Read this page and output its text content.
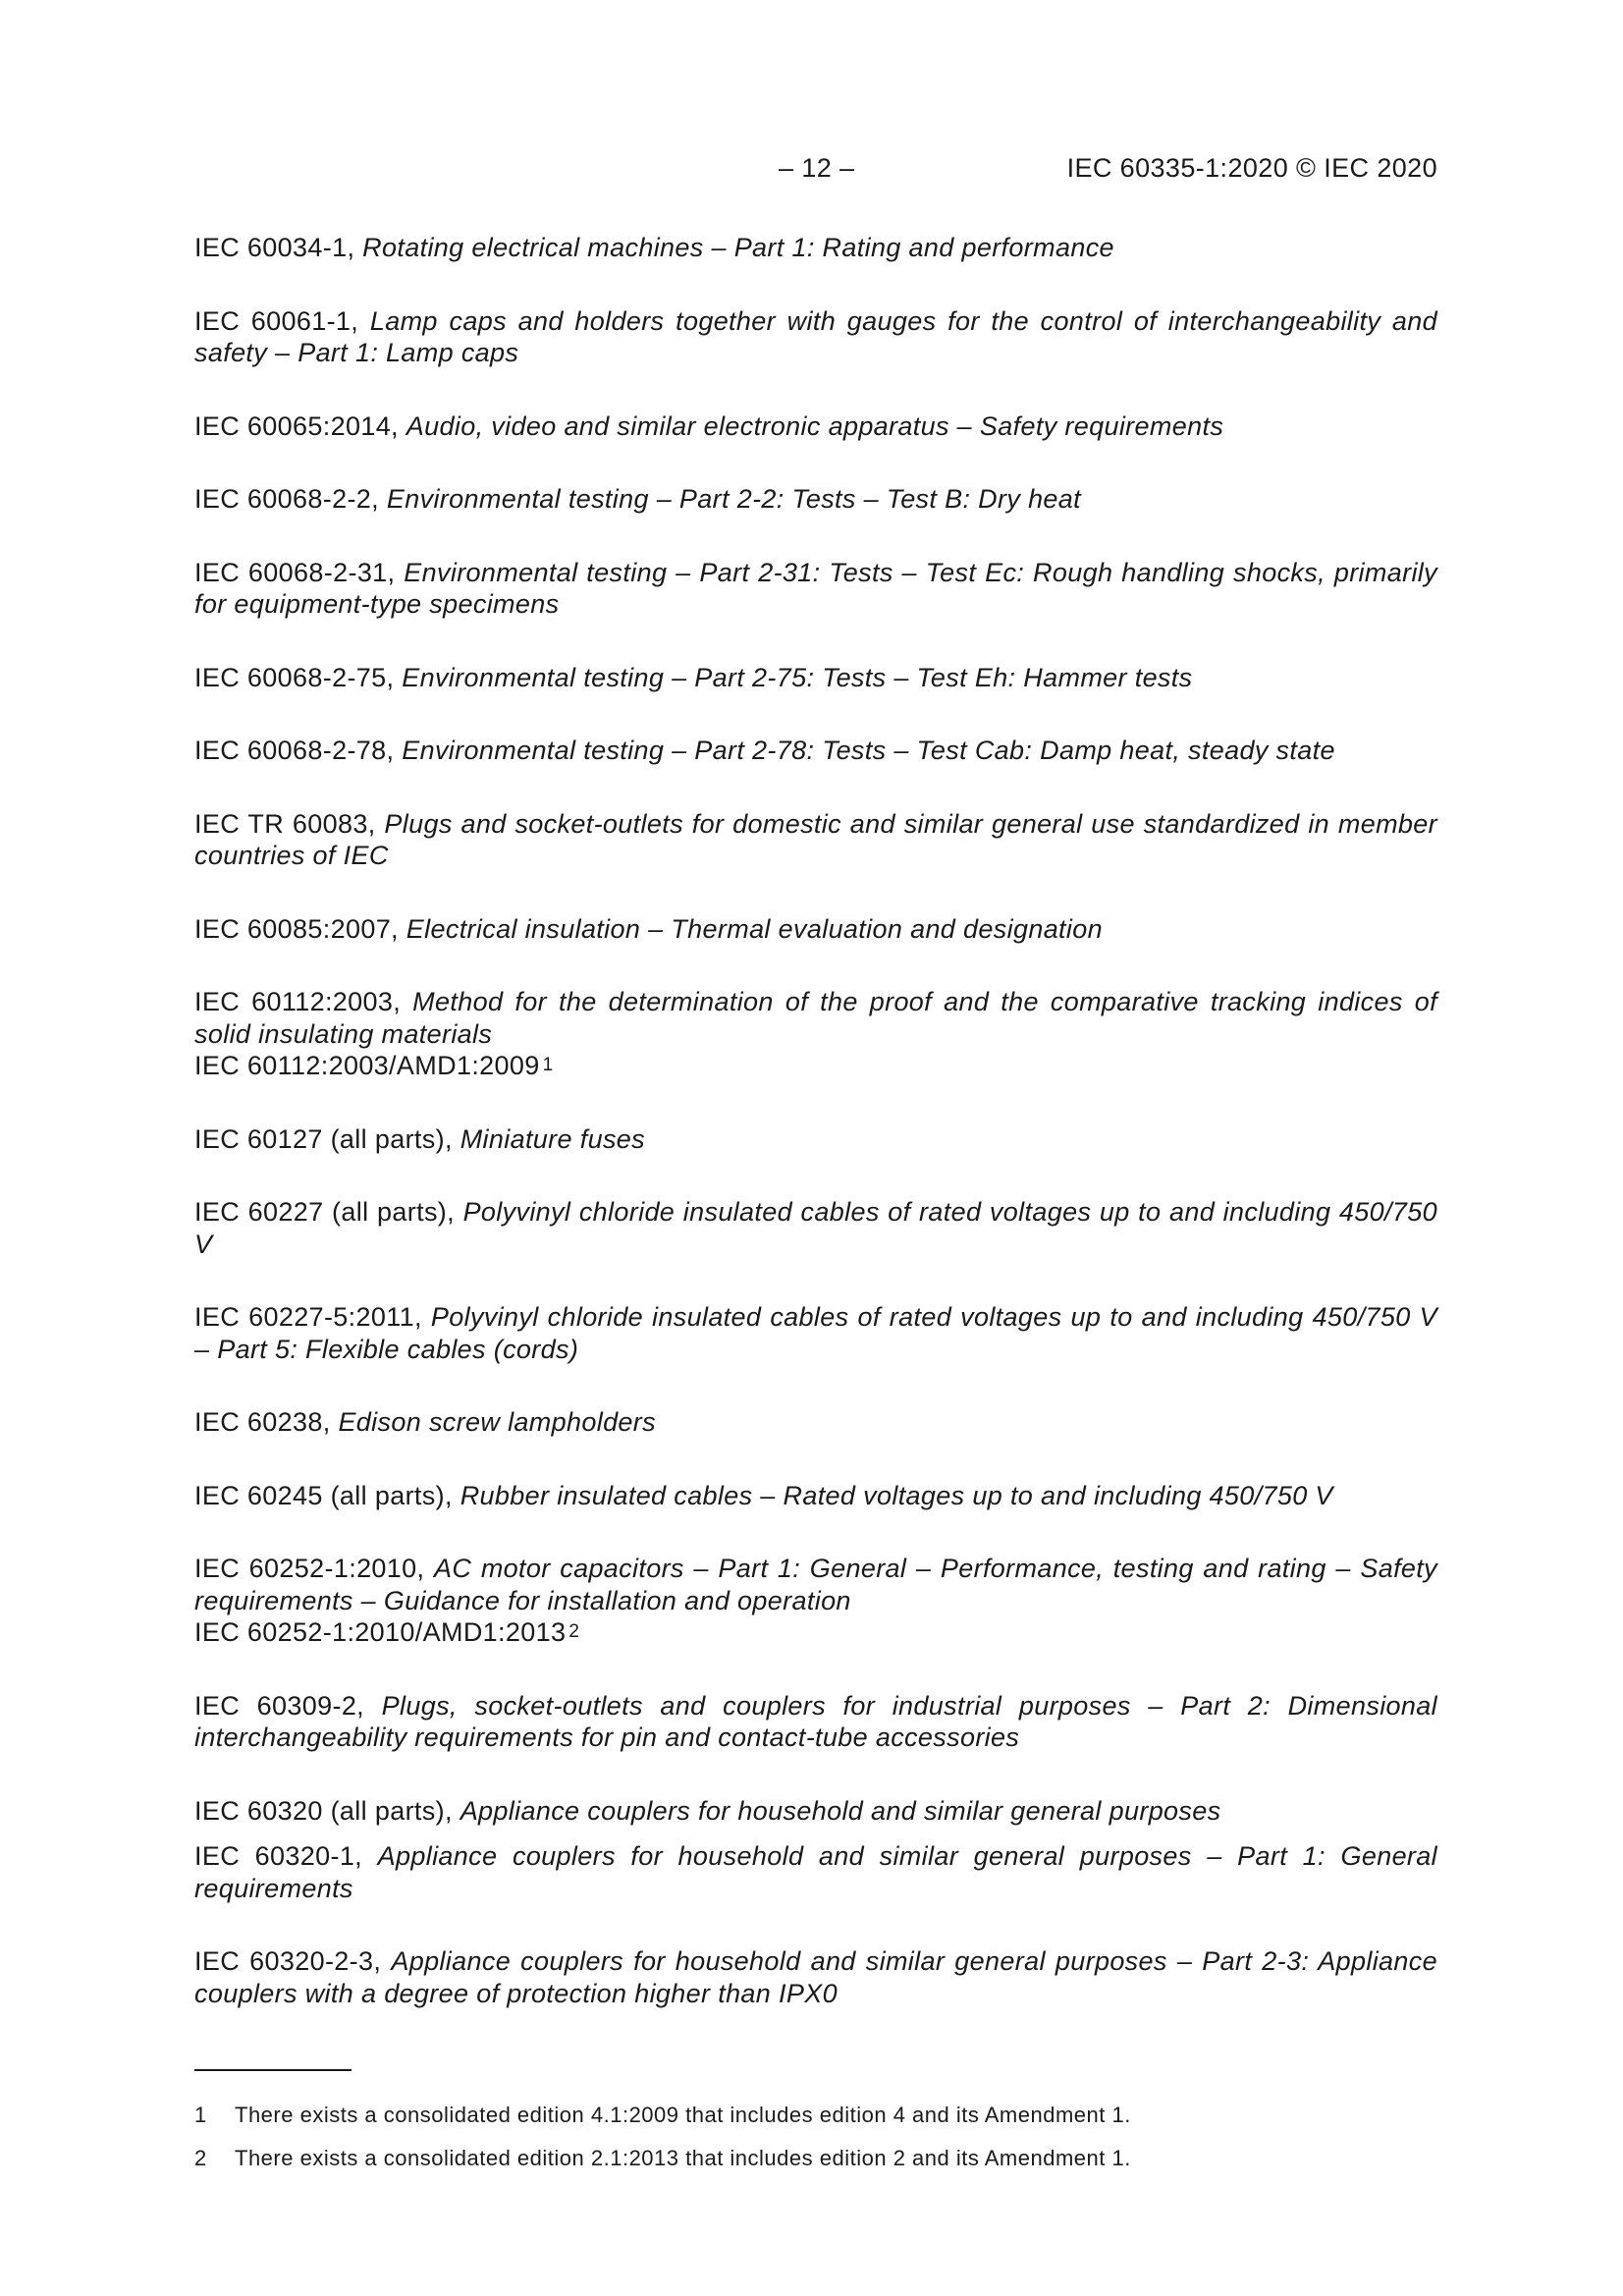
– 12 –	IEC 60335-1:2020 © IEC 2020
IEC 60034-1, Rotating electrical machines – Part 1: Rating and performance
IEC 60061-1, Lamp caps and holders together with gauges for the control of interchangeability and safety – Part 1: Lamp caps
IEC 60065:2014, Audio, video and similar electronic apparatus – Safety requirements
IEC 60068-2-2, Environmental testing – Part 2-2: Tests – Test B: Dry heat
IEC 60068-2-31, Environmental testing – Part 2-31: Tests – Test Ec: Rough handling shocks, primarily for equipment-type specimens
IEC 60068-2-75, Environmental testing – Part 2-75: Tests – Test Eh: Hammer tests
IEC 60068-2-78, Environmental testing – Part 2-78: Tests – Test Cab: Damp heat, steady state
IEC TR 60083, Plugs and socket-outlets for domestic and similar general use standardized in member countries of IEC
IEC 60085:2007, Electrical insulation – Thermal evaluation and designation
IEC 60112:2003, Method for the determination of the proof and the comparative tracking indices of solid insulating materials
IEC 60112:2003/AMD1:2009 $^1$
IEC 60127 (all parts), Miniature fuses
IEC 60227 (all parts), Polyvinyl chloride insulated cables of rated voltages up to and including 450/750 V
IEC 60227-5:2011, Polyvinyl chloride insulated cables of rated voltages up to and including 450/750 V – Part 5: Flexible cables (cords)
IEC 60238, Edison screw lampholders
IEC 60245 (all parts), Rubber insulated cables – Rated voltages up to and including 450/750 V
IEC 60252-1:2010, AC motor capacitors – Part 1: General – Performance, testing and rating – Safety requirements – Guidance for installation and operation
IEC 60252-1:2010/AMD1:2013 $^2$
IEC 60309-2, Plugs, socket-outlets and couplers for industrial purposes – Part 2: Dimensional interchangeability requirements for pin and contact-tube accessories
IEC 60320 (all parts), Appliance couplers for household and similar general purposes
IEC 60320-1, Appliance couplers for household and similar general purposes – Part 1: General requirements
IEC 60320-2-3, Appliance couplers for household and similar general purposes – Part 2-3: Appliance couplers with a degree of protection higher than IPX0
1	There exists a consolidated edition 4.1:2009 that includes edition 4 and its Amendment 1.
2	There exists a consolidated edition 2.1:2013 that includes edition 2 and its Amendment 1.
